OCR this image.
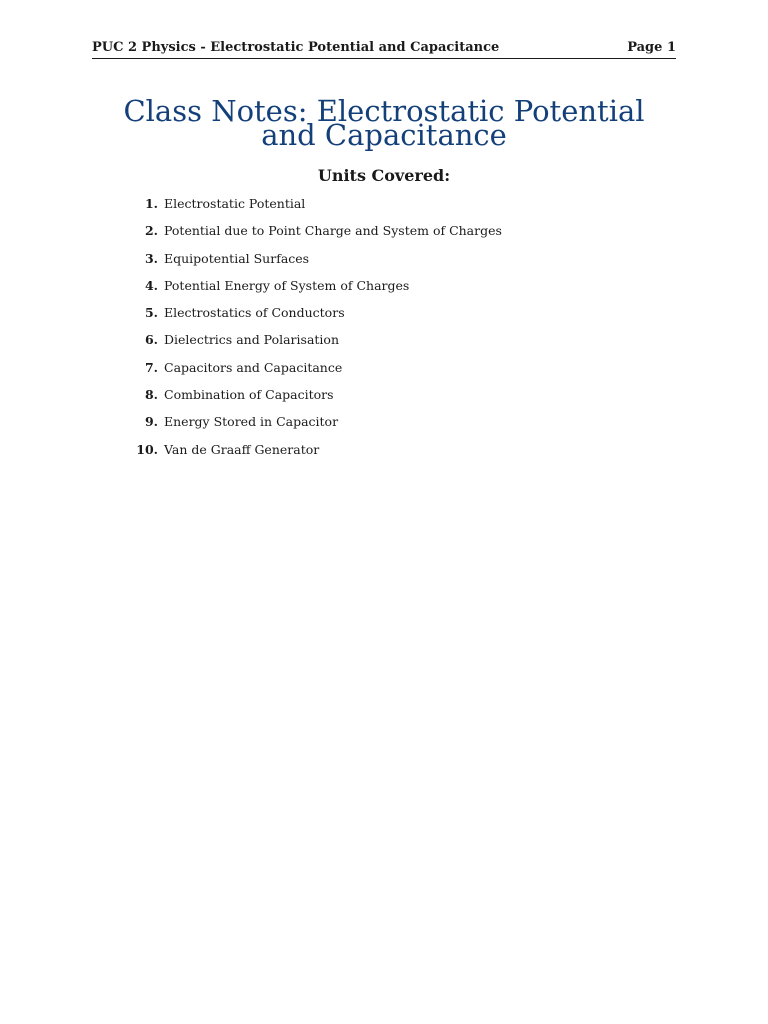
PUC 2 Physics - Electrostatic Potential and Capacitance	Page 1
Class Notes: Electrostatic Potential
and Capacitance
Units Covered:
1. Electrostatic Potential
2. Potential due to Point Charge and System of Charges
3. Equipotential Surfaces
4. Potential Energy of System of Charges
5. Electrostatics of Conductors
6. Dielectrics and Polarisation
7. Capacitors and Capacitance
8. Combination of Capacitors
9. Energy Stored in Capacitor
10. Van de Graaff Generator
